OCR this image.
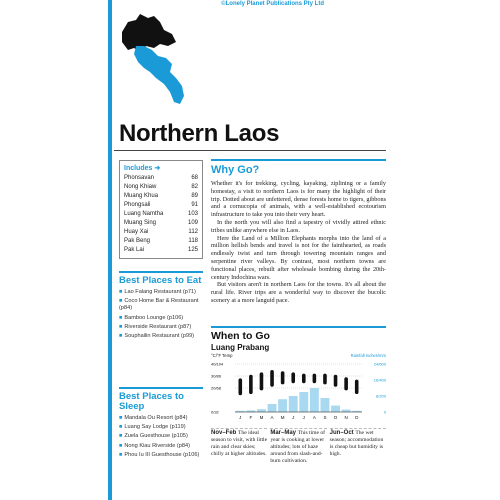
©Lonely Planet Publications Pty Ltd

Northern Laos
Includes ➜
Phonsavan	68
Nong Khiaw	82
Muang Khua	89
Phongsali	91
Luang Namtha	103
Muang Sing	109
Huay Xai	112
Pak Beng	118
Pak Lai	125
Best Places to Eat
■ Lao Falang Restaurant (p71)
■ Coco Home Bar & Restaurant (p84)
■ Bamboo Lounge (p106)
■ Riverside Restaurant (p87)
■ Souphailin Restaurant (p99)
Best Places to Sleep
■ Mandala Ou Resort (p84)
■ Luang Say Lodge (p119)
■ Zuela Guesthouse (p105)
■ Nong Kiau Riverside (p84)
■ Phou Iu III Guesthouse (p106)
Why Go?

Whether it's for trekking, cycling, kayaking, ziplining or a family homestay, a visit to northern Laos is for many the highlight of their trip. Dotted about are unfettered, dense forests home to tigers, gibbons and a cornucopia of animals, with a well-established ecotourism infrastructure to take you into their very heart.

In the north you will also find a tapestry of vividly attired ethnic tribes unlike anywhere else in Laos.

Here the Land of a Million Elephants morphs into the land of a million hellish bends and travel is not for the fainthearted, as roads endlessly twist and turn through towering mountain ranges and serpentine river valleys. By contrast, most northern towns are functional places, rebuilt after wholesale bombing during the 20th-century Indochina wars.

But visitors aren't in northern Laos for the towns. It's all about the rural life. River trips are a wonderful way to discover the bucolic scenery at a more languid pace.

When to Go
Luang Prabang
°C/°F Temp	Rainfall inches/mm
40/104
30/86
20/68
0/32
24/600
16/400
8/200
0
J F M A M J J A S O N D
Nov–Feb The ideal season to visit, with little rain and clear skies; chilly at higher altitudes.
Mar–May This time of year is cooking at lower altitudes; lots of haze around from slash-and-burn cultivation.
Jun–Oct The wet season; accommodation is cheap but humidity is high.
